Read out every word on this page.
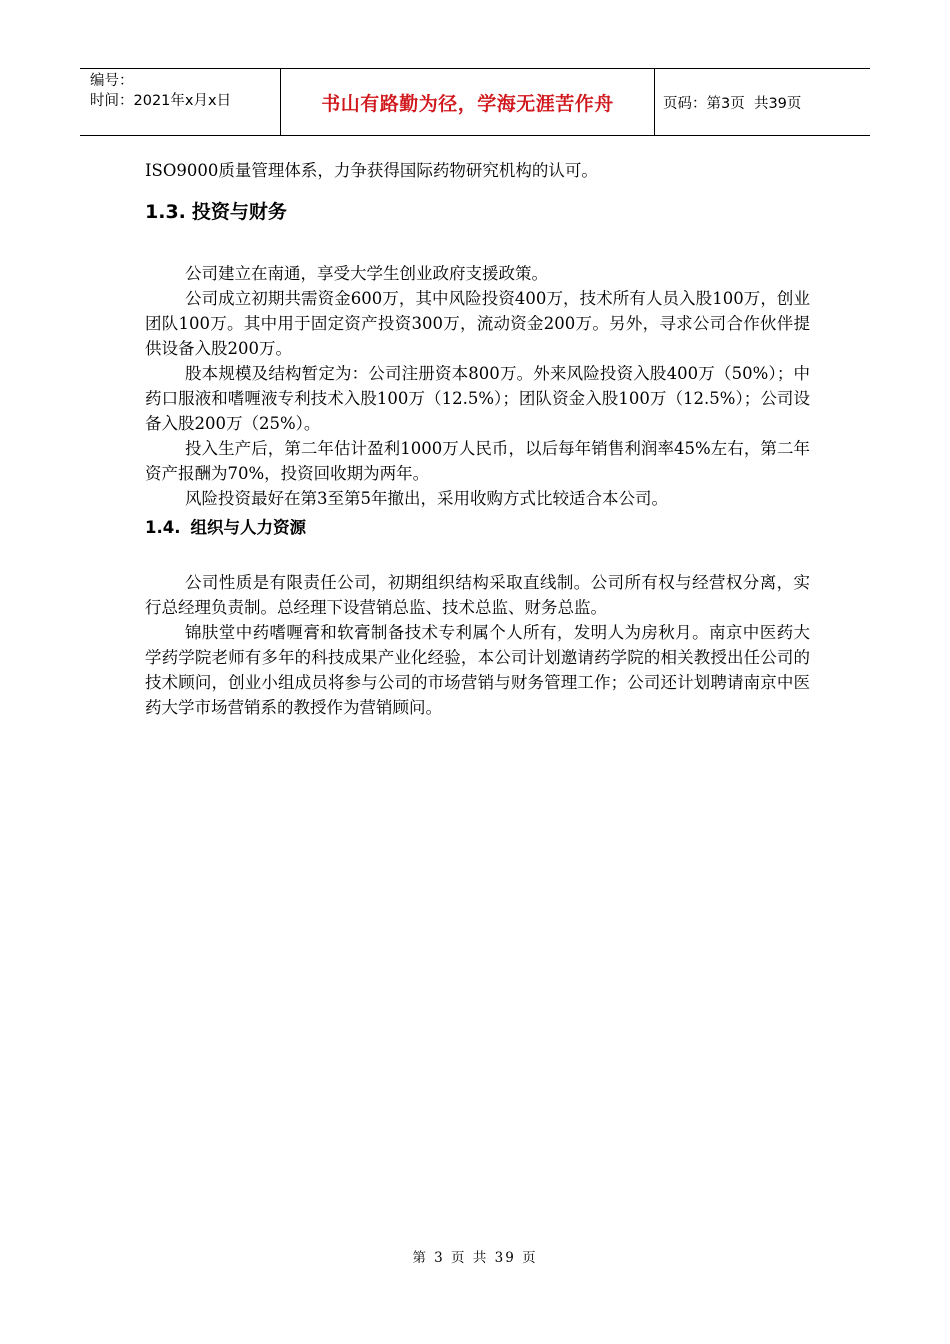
编号：
时间：2021年x月x日	书山有路勤为径，学海无涯苦作舟	页码：第3页  共39页

ISO9000质量管理体系，力争获得国际药物研究机构的认可。

1.3. 投资与财务

公司建立在南通，享受大学生创业政府支援政策。

公司成立初期共需资金600万，其中风险投资400万，技术所有人员入股100万，创业团队100万。其中用于固定资产投资300万，流动资金200万。另外，寻求公司合作伙伴提供设备入股200万。

股本规模及结构暂定为：公司注册资本800万。外来风险投资入股400万（50%）；中药口服液和嗜喱液专利技术入股100万（12.5%）；团队资金入股100万（12.5%）；公司设备入股200万（25%）。

投入生产后，第二年估计盈利1000万人民币，以后每年销售利润率45%左右，第二年资产报酬为70%，投资回收期为两年。

风险投资最好在第3至第5年撤出，采用收购方式比较适合本公司。

1.4. 组织与人力资源

公司性质是有限责任公司，初期组织结构采取直线制。公司所有权与经营权分离，实行总经理负责制。总经理下设营销总监、技术总监、财务总监。

锦肤堂中药嗜喱膏和软膏制备技术专利属个人所有，发明人为房秋月。南京中医药大学药学院老师有多年的科技成果产业化经验，本公司计划邀请药学院的相关教授出任公司的技术顾问，创业小组成员将参与公司的市场营销与财务管理工作；公司还计划聘请南京中医药大学市场营销系的教授作为营销顾问。

第 3 页 共 39 页
